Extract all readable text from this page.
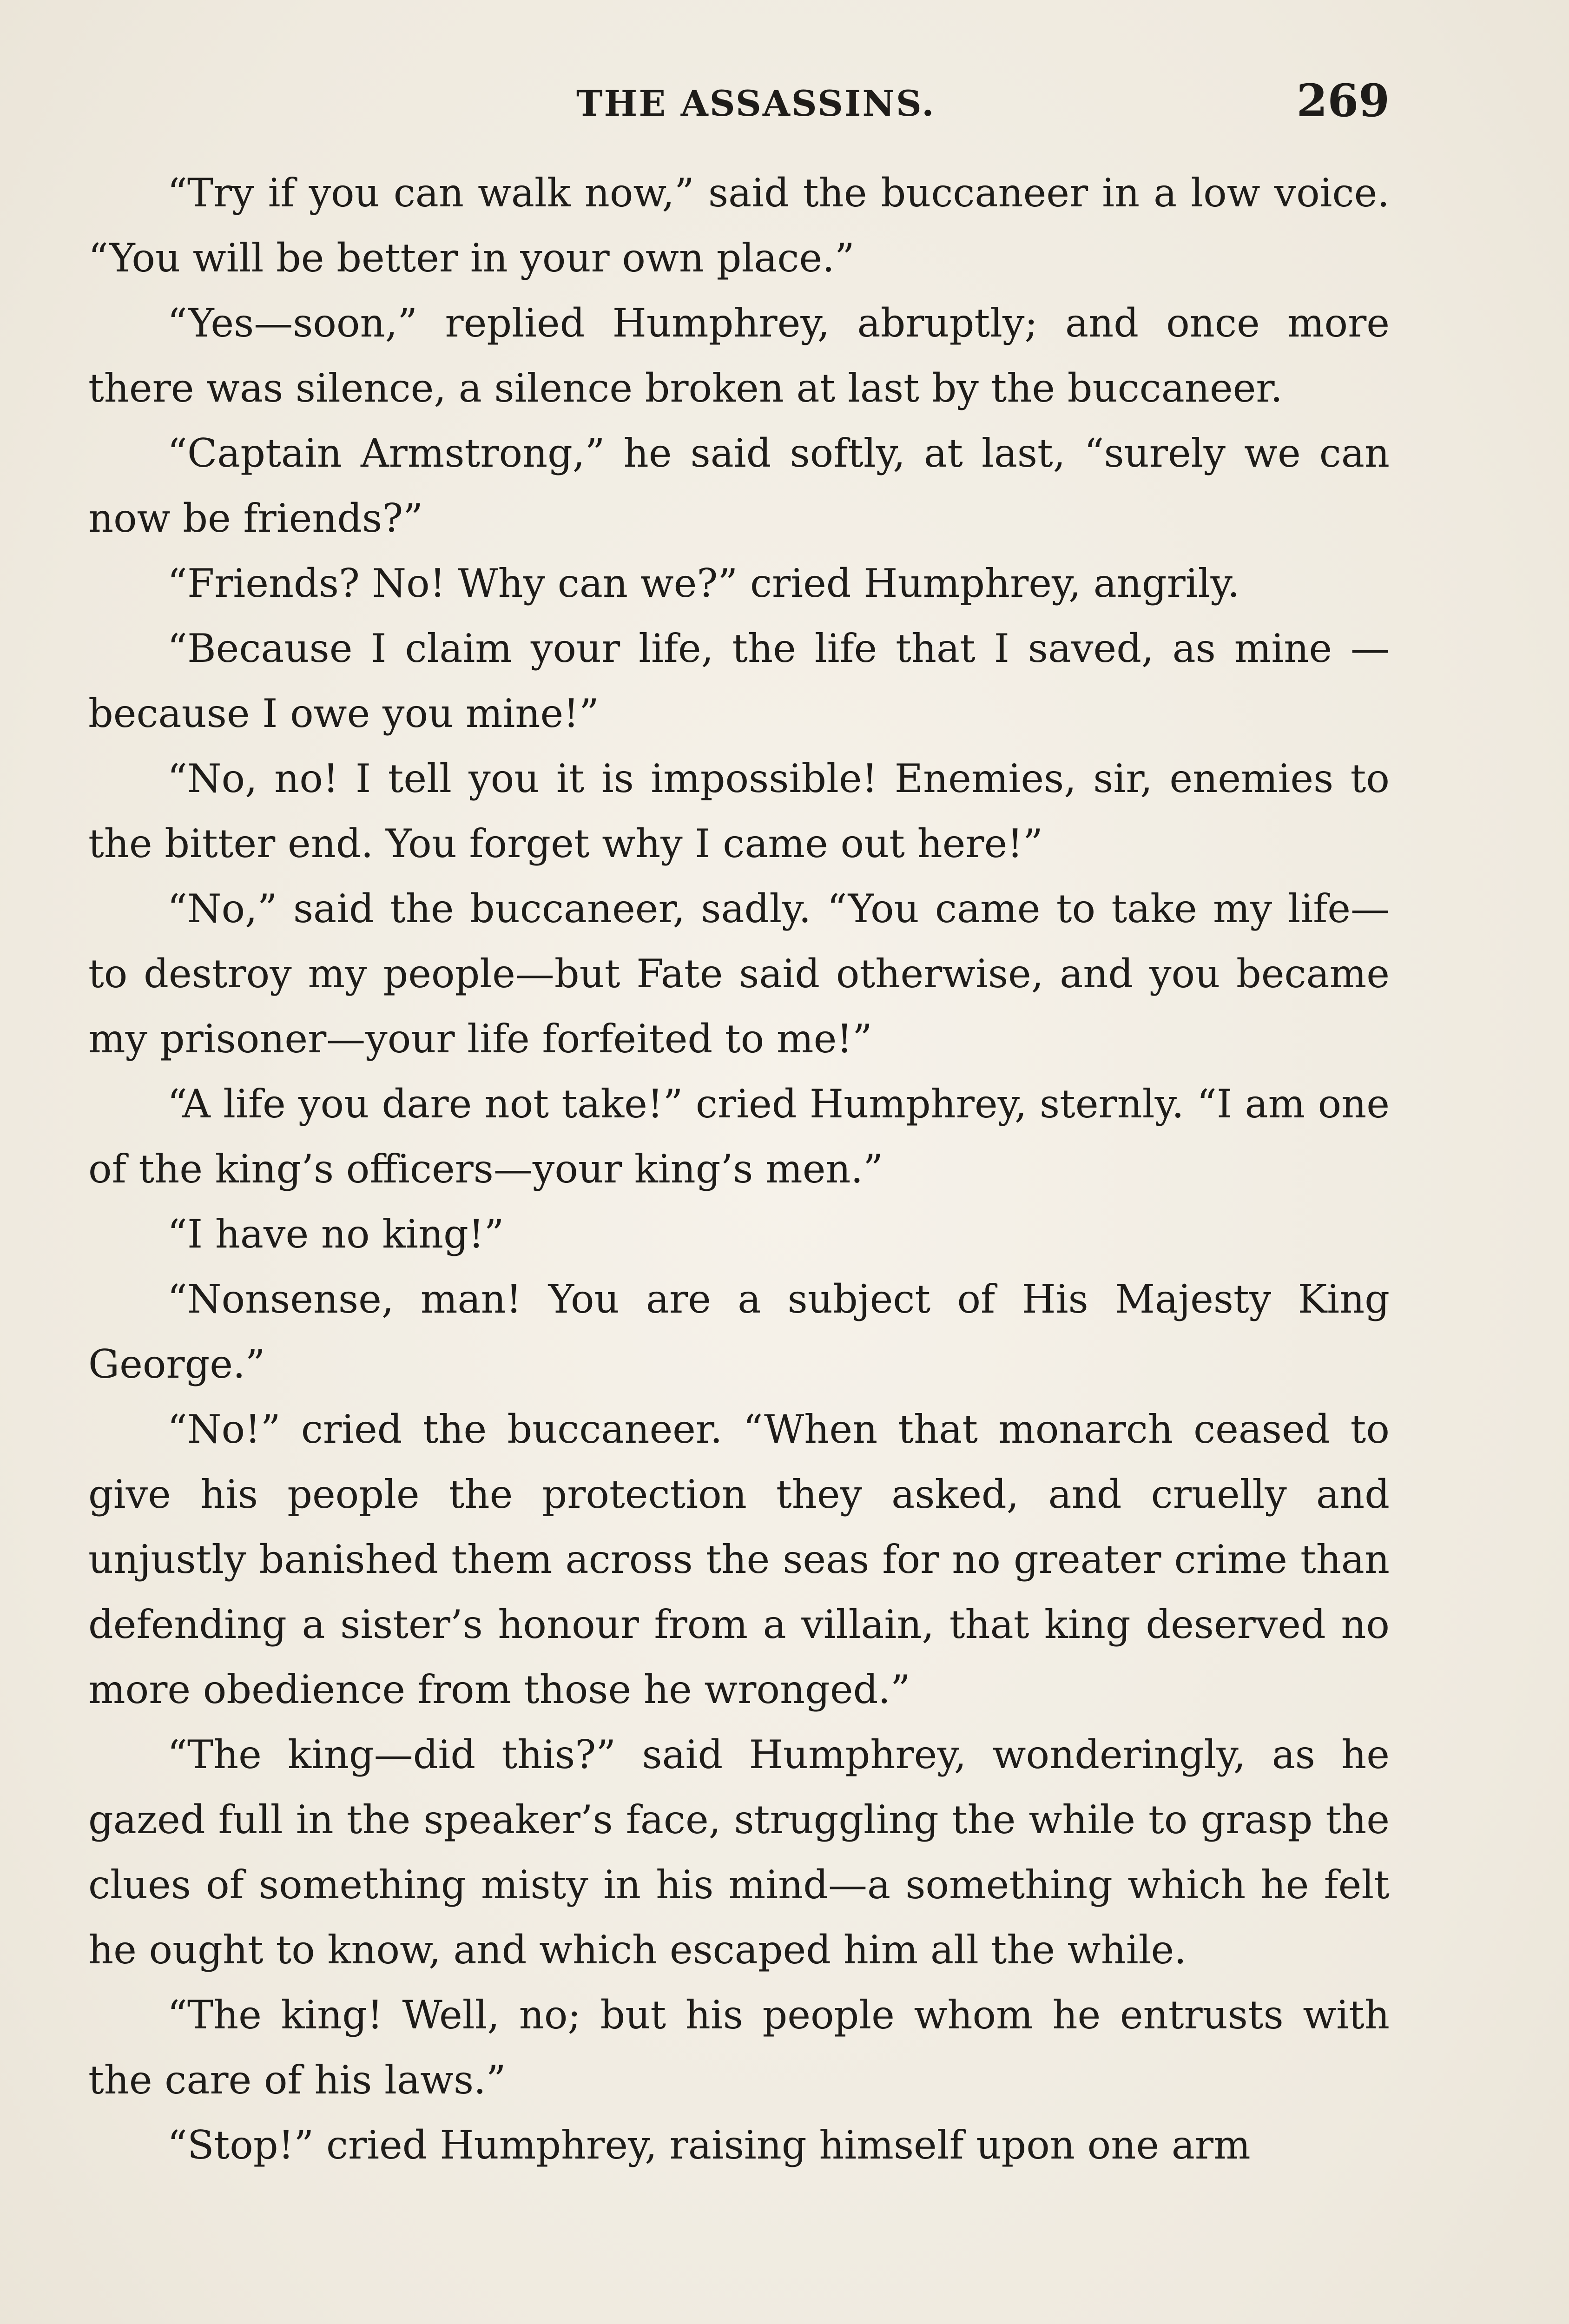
THE ASSASSINS.	269

“Try if you can walk now,” said the buccaneer in a low voice. “You will be better in your own place.”

“Yes—soon,” replied Humphrey, abruptly; and once more there was silence, a silence broken at last by the buccaneer.

“Captain Armstrong,” he said softly, at last, “surely we can now be friends?”

“Friends? No! Why can we?” cried Humphrey, angrily.

“Because I claim your life, the life that I saved, as mine —because I owe you mine!”

“No, no! I tell you it is impossible! Enemies, sir, enemies to the bitter end. You forget why I came out here!”

“No,” said the buccaneer, sadly. “You came to take my life—to destroy my people—but Fate said otherwise, and you became my prisoner—your life forfeited to me!”

“A life you dare not take!” cried Humphrey, sternly. “I am one of the king’s officers—your king’s men.”

“I have no king!”

“Nonsense, man! You are a subject of His Majesty King George.”

“No!” cried the buccaneer. “When that monarch ceased to give his people the protection they asked, and cruelly and unjustly banished them across the seas for no greater crime than defending a sister’s honour from a villain, that king deserved no more obedience from those he wronged.”

“The king—did this?” said Humphrey, wonderingly, as he gazed full in the speaker’s face, struggling the while to grasp the clues of something misty in his mind—a something which he felt he ought to know, and which escaped him all the while.

“The king! Well, no; but his people whom he entrusts with the care of his laws.”

“Stop!” cried Humphrey, raising himself upon one arm
